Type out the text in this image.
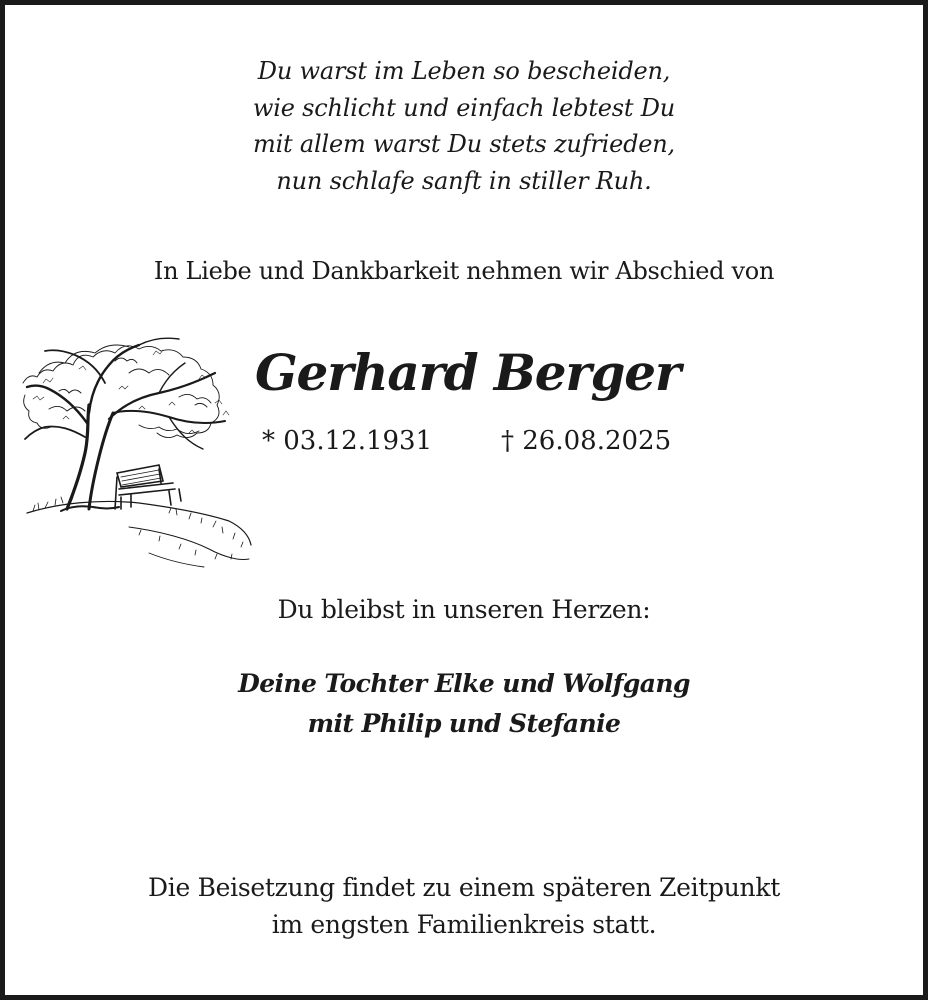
Du warst im Leben so bescheiden,
wie schlicht und einfach lebtest Du
mit allem warst Du stets zufrieden,
nun schlafe sanft in stiller Ruh.
In Liebe und Dankbarkeit nehmen wir Abschied von
Gerhard Berger
* 03.12.1931	† 26.08.2025
Du bleibst in unseren Herzen:
Deine Tochter Elke und Wolfgang
mit Philip und Stefanie
Die Beisetzung findet zu einem späteren Zeitpunkt
im engsten Familienkreis statt.
